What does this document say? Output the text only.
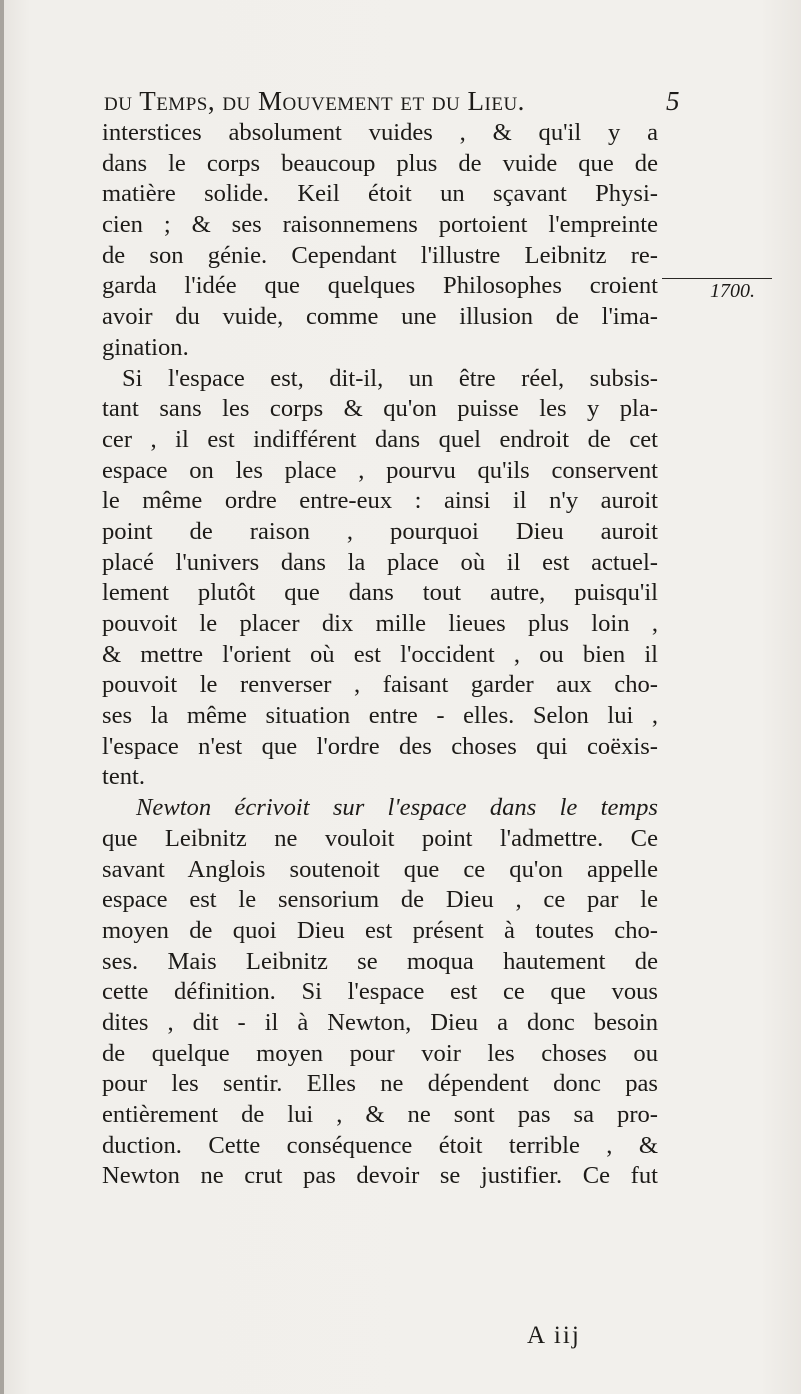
du Temps, du Mouvement et du Lieu.	5
1700.
interstices absolument vuides , & qu'il y a
dans le corps beaucoup plus de vuide que de
matière solide. Keil étoit un sçavant Physi-
cien ; & ses raisonnemens portoient l'empreinte
de son génie. Cependant l'illustre Leibnitz re-
garda l'idée que quelques Philosophes croient
avoir du vuide, comme une illusion de l'ima-
gination.
Si l'espace est, dit-il, un être réel, subsis-
tant sans les corps & qu'on puisse les y pla-
cer , il est indifférent dans quel endroit de cet
espace on les place , pourvu qu'ils conservent
le même ordre entre-eux : ainsi il n'y auroit
point de raison , pourquoi Dieu auroit
placé l'univers dans la place où il est actuel-
lement plutôt que dans tout autre, puisqu'il
pouvoit le placer dix mille lieues plus loin ,
& mettre l'orient où est l'occident , ou bien il
pouvoit le renverser , faisant garder aux cho-
ses la même situation entre - elles. Selon lui ,
l'espace n'est que l'ordre des choses qui coëxis-
tent.
Newton écrivoit sur l'espace dans le temps
que Leibnitz ne vouloit point l'admettre. Ce
savant Anglois soutenoit que ce qu'on appelle
espace est le sensorium de Dieu , ce par le
moyen de quoi Dieu est présent à toutes cho-
ses. Mais Leibnitz se moqua hautement de
cette définition. Si l'espace est ce que vous
dites , dit - il à Newton, Dieu a donc besoin
de quelque moyen pour voir les choses ou
pour les sentir. Elles ne dépendent donc pas
entièrement de lui , & ne sont pas sa pro-
duction. Cette conséquence étoit terrible , &
Newton ne crut pas devoir se justifier. Ce fut
A iij
